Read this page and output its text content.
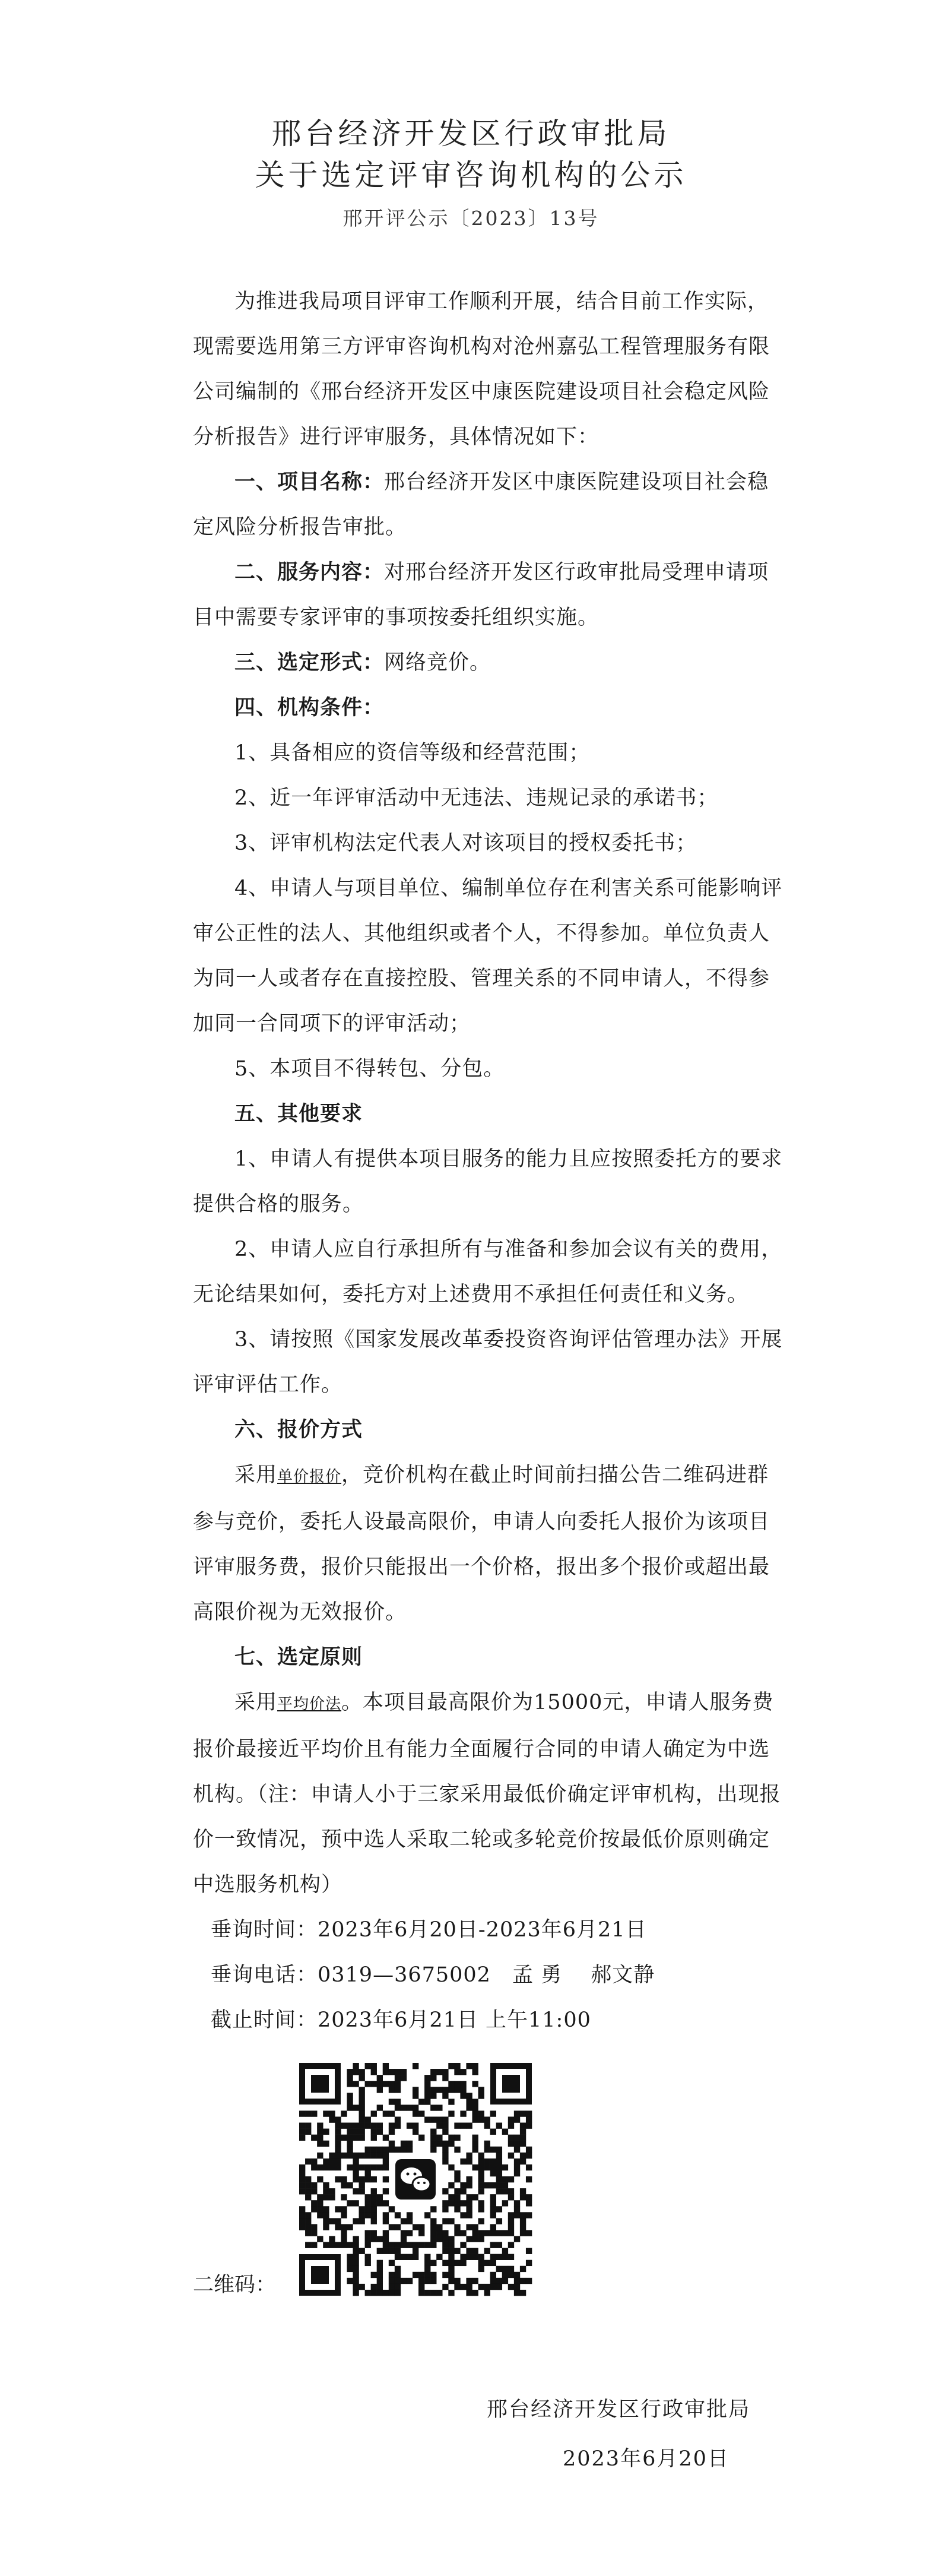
邢台经济开发区行政审批局
关于选定评审咨询机构的公示
邢开评公示〔2023〕13号

为推进我局项目评审工作顺利开展，结合目前工作实际，现需要选用第三方评审咨询机构对沧州嘉弘工程管理服务有限公司编制的《邢台经济开发区中康医院建设项目社会稳定风险分析报告》进行评审服务，具体情况如下：

一、项目名称：邢台经济开发区中康医院建设项目社会稳定风险分析报告审批。

二、服务内容：对邢台经济开发区行政审批局受理申请项目中需要专家评审的事项按委托组织实施。

三、选定形式：网络竞价。

四、机构条件：

1、具备相应的资信等级和经营范围；

2、近一年评审活动中无违法、违规记录的承诺书；

3、评审机构法定代表人对该项目的授权委托书；

4、申请人与项目单位、编制单位存在利害关系可能影响评审公正性的法人、其他组织或者个人，不得参加。单位负责人为同一人或者存在直接控股、管理关系的不同申请人，不得参加同一合同项下的评审活动；

5、本项目不得转包、分包。

五、其他要求

1、申请人有提供本项目服务的能力且应按照委托方的要求提供合格的服务。

2、申请人应自行承担所有与准备和参加会议有关的费用，无论结果如何，委托方对上述费用不承担任何责任和义务。

3、请按照《国家发展改革委投资咨询评估管理办法》开展评审评估工作。

六、报价方式

采用单价报价，竞价机构在截止时间前扫描公告二维码进群参与竞价，委托人设最高限价，申请人向委托人报价为该项目评审服务费，报价只能报出一个价格，报出多个报价或超出最高限价视为无效报价。

七、选定原则

采用平均价法。本项目最高限价为15000元，申请人服务费报价最接近平均价且有能力全面履行合同的申请人确定为中选机构。（注：申请人小于三家采用最低价确定评审机构，出现报价一致情况，预中选人采取二轮或多轮竞价按最低价原则确定中选服务机构）

垂询时间：2023年6月20日-2023年6月21日

垂询电话：0319—3675002　孟 勇　 郝文静

截止时间：2023年6月21日 上午11:00

二维码：
邢台经济开发区行政审批局
2023年6月20日
